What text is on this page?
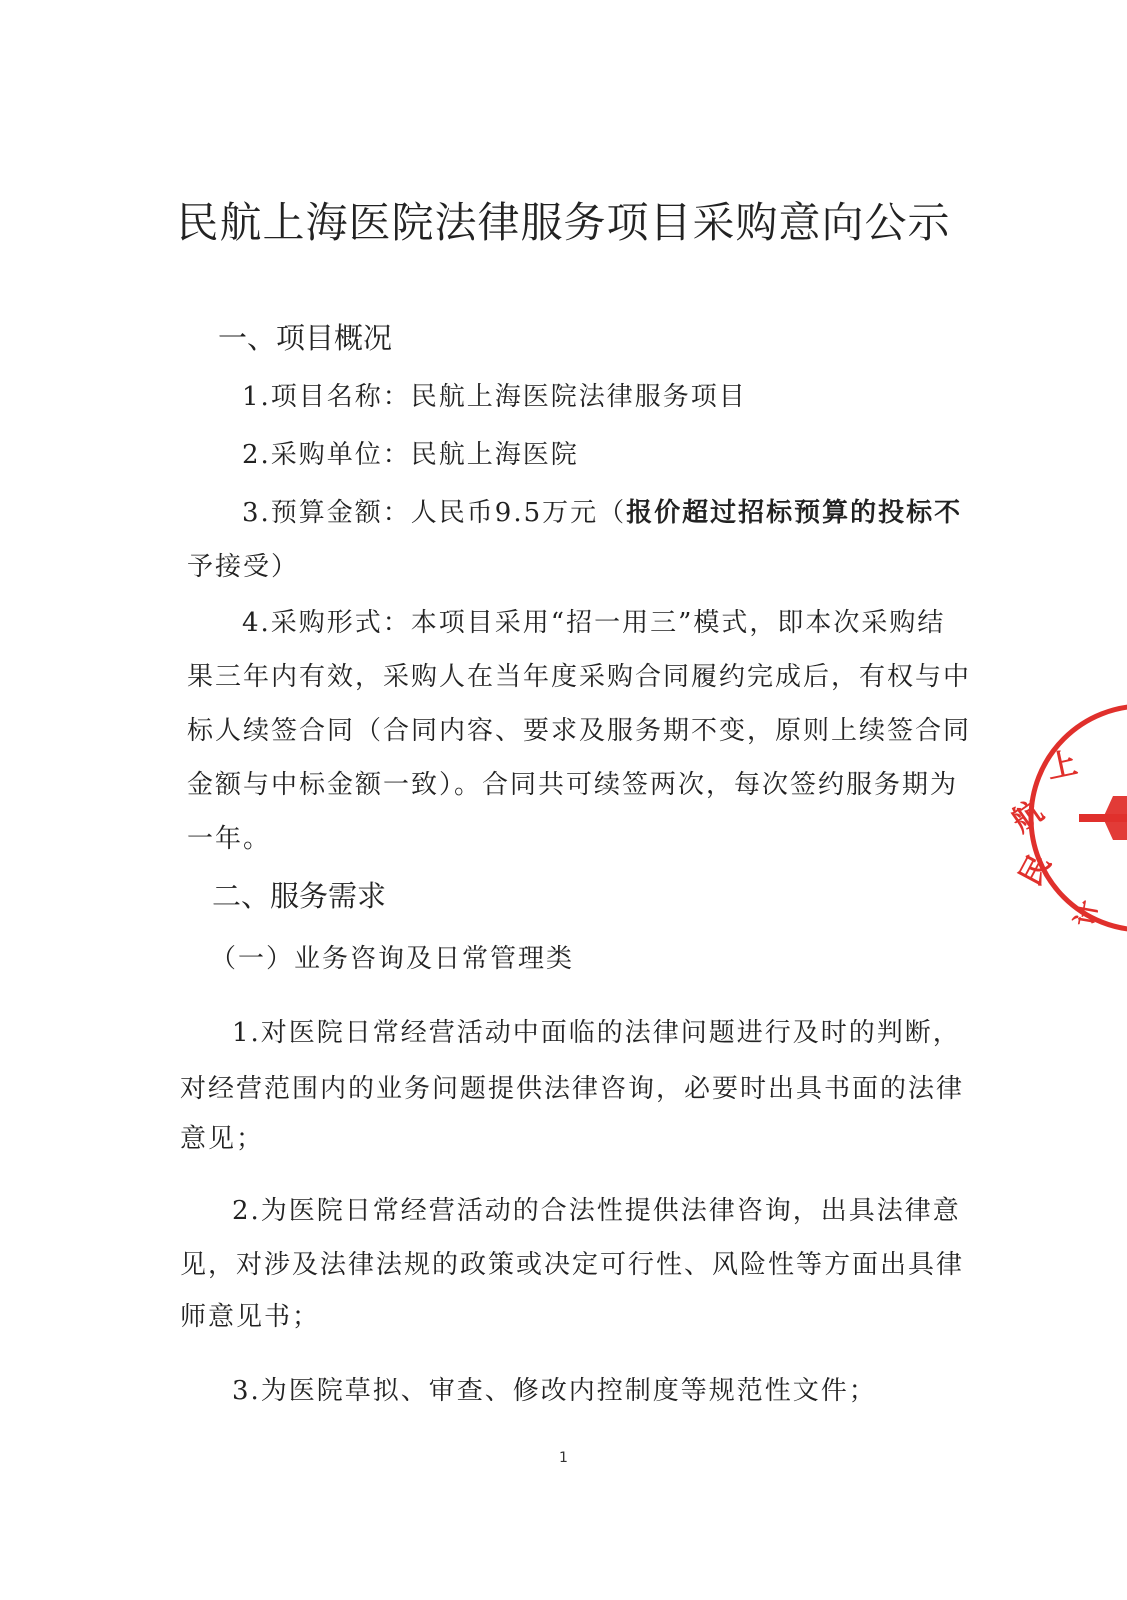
民航上海医院法律服务项目采购意向公示
一、项目概况
1.项目名称：民航上海医院法律服务项目
2.采购单位：民航上海医院
3.预算金额：人民币9.5万元（报价超过招标预算的投标不
予接受）
4.采购形式：本项目采用“招一用三”模式，即本次采购结
果三年内有效，采购人在当年度采购合同履约完成后，有权与中
标人续签合同（合同内容、要求及服务期不变，原则上续签合同
金额与中标金额一致）。合同共可续签两次，每次签约服务期为
一年。
二、服务需求
（一）业务咨询及日常管理类
1.对医院日常经营活动中面临的法律问题进行及时的判断，
对经营范围内的业务问题提供法律咨询，必要时出具书面的法律
意见；
2.为医院日常经营活动的合法性提供法律咨询，出具法律意
见，对涉及法律法规的政策或决定可行性、风险性等方面出具律
师意见书；
3.为医院草拟、审查、修改内控制度等规范性文件；
1
民
航
上
计
